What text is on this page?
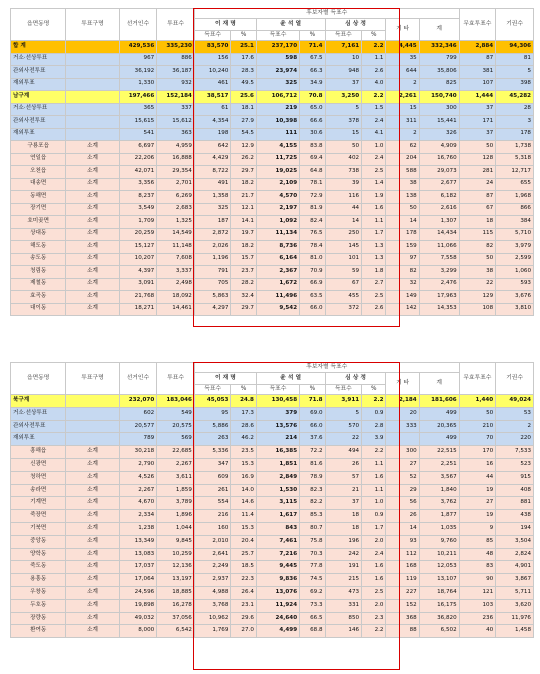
읍면동명	투표구명	선거인수	투표수	후보자별 득표수								무효투표수	기권수
				이 재 명		윤 석 열		심 상 정		기 타	계		
				득표수	%	득표수	%	득표수	%				
합 계		429,536	335,230	83,570	25.1	237,170	71.4	7,161	2.2	4,445	332,346	2,884	94,306
거소·선상투표		967	886	156	17.6	598	67.5	10	1.1	35	799	87	81
관외사전투표		36,192	36,187	10,240	28.3	23,974	66.3	948	2.6	644	35,806	381	5
재외투표		1,330	932	461	49.5	325	34.9	37	4.0	2	825	107	398
남구계		197,466	152,184	38,517	25.6	106,712	70.8	3,250	2.2	2,261	150,740	1,444	45,282
거소·선상투표		365	337	61	18.1	219	65.0	5	1.5	15	300	37	28
관외사전투표		15,615	15,612	4,354	27.9	10,398	66.6	378	2.4	311	15,441	171	3
재외투표		541	363	198	54.5	111	30.6	15	4.1	2	326	37	178
구룡포읍	소계	6,697	4,959	642	12.9	4,155	83.8	50	1.0	62	4,909	50	1,738
연일읍	소계	22,206	16,888	4,429	26.2	11,725	69.4	402	2.4	204	16,760	128	5,318
오천읍	소계	42,071	29,354	8,722	29.7	19,025	64.8	738	2.5	588	29,073	281	12,717
대송면	소계	3,356	2,701	491	18.2	2,109	78.1	39	1.4	38	2,677	24	655
동해면	소계	8,237	6,269	1,358	21.7	4,570	72.9	116	1.9	138	6,182	87	1,968
장기면	소계	3,549	2,683	325	12.1	2,197	81.9	44	1.6	50	2,616	67	866
호미곶면	소계	1,709	1,325	187	14.1	1,092	82.4	14	1.1	14	1,307	18	384
상대동	소계	20,259	14,549	2,872	19.7	11,134	76.5	250	1.7	178	14,434	115	5,710
해도동	소계	15,127	11,148	2,026	18.2	8,736	78.4	145	1.3	159	11,066	82	3,979
송도동	소계	10,207	7,608	1,196	15.7	6,164	81.0	101	1.3	97	7,558	50	2,599
청림동	소계	4,397	3,337	791	23.7	2,367	70.9	59	1.8	82	3,299	38	1,060
제철동	소계	3,091	2,498	705	28.2	1,672	66.9	67	2.7	32	2,476	22	593
효곡동	소계	21,768	18,092	5,863	32.4	11,496	63.5	455	2.5	149	17,963	129	3,676
대이동	소계	18,271	14,461	4,297	29.7	9,542	66.0	372	2.6	142	14,353	108	3,810
읍면동명	투표구명	선거인수	투표수	후보자별 득표수								무효투표수	기권수
				이 재 명		윤 석 열		심 상 정		기 타	계		
				득표수	%	득표수	%	득표수	%				
북구계		232,070	183,046	45,053	24.8	130,458	71.8	3,911	2.2	2,184	181,606	1,440	49,024
거소·선상투표		602	549	95	17.3	379	69.0	5	0.9	20	499	50	53
관외사전투표		20,577	20,575	5,886	28.6	13,576	66.0	570	2.8	333	20,365	210	2
재외투표		789	569	263	46.2	214	37.6	22	3.9		499	70	220
흥해읍	소계	30,218	22,685	5,336	23.5	16,385	72.2	494	2.2	300	22,515	170	7,533
신광면	소계	2,790	2,267	347	15.3	1,851	81.6	26	1.1	27	2,251	16	523
청하면	소계	4,526	3,611	609	16.9	2,849	78.9	57	1.6	52	3,567	44	915
송라면	소계	2,267	1,859	261	14.0	1,530	82.3	21	1.1	29	1,840	19	408
기계면	소계	4,670	3,789	554	14.6	3,115	82.2	37	1.0	56	3,762	27	881
죽장면	소계	2,334	1,896	216	11.4	1,617	85.3	18	0.9	26	1,877	19	438
기북면	소계	1,238	1,044	160	15.3	843	80.7	18	1.7	14	1,035	9	194
중앙동	소계	13,349	9,845	2,010	20.4	7,461	75.8	196	2.0	93	9,760	85	3,504
양학동	소계	13,083	10,259	2,641	25.7	7,216	70.3	242	2.4	112	10,211	48	2,824
죽도동	소계	17,037	12,136	2,249	18.5	9,445	77.8	191	1.6	168	12,053	83	4,901
용흥동	소계	17,064	13,197	2,937	22.3	9,836	74.5	215	1.6	119	13,107	90	3,867
우창동	소계	24,596	18,885	4,988	26.4	13,076	69.2	473	2.5	227	18,764	121	5,711
두호동	소계	19,898	16,278	3,768	23.1	11,924	73.3	331	2.0	152	16,175	103	3,620
장량동	소계	49,032	37,056	10,962	29.6	24,640	66.5	850	2.3	368	36,820	236	11,976
환여동	소계	8,000	6,542	1,769	27.0	4,499	68.8	146	2.2	88	6,502	40	1,458
